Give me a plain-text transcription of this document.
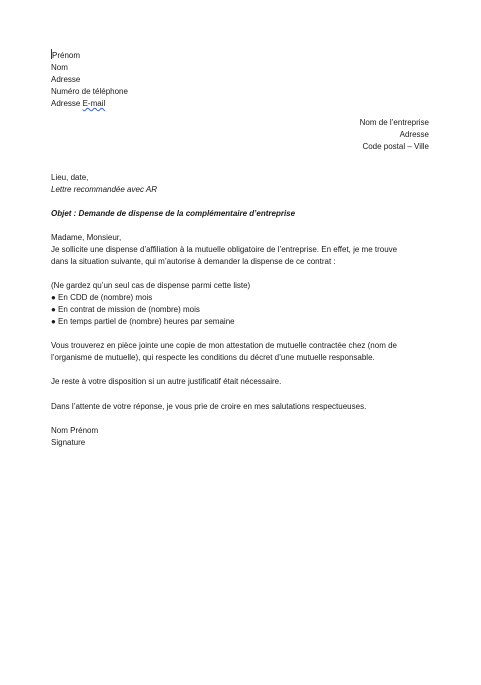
Prénom
Nom
Adresse
Numéro de téléphone
Adresse E-mail
Nom de l’entreprise
Adresse
Code postal – Ville
Lieu, date,
Lettre recommandée avec AR
Objet : Demande de dispense de la complémentaire d’entreprise
Madame, Monsieur,
Je sollicite une dispense d’affiliation à la mutuelle obligatoire de l’entreprise. En effet, je me trouve
dans la situation suivante, qui m’autorise à demander la dispense de ce contrat :
(Ne gardez qu’un seul cas de dispense parmi cette liste)
● En CDD de (nombre) mois
● En contrat de mission de (nombre) mois
● En temps partiel de (nombre) heures par semaine
Vous trouverez en pièce jointe une copie de mon attestation de mutuelle contractée chez (nom de
l’organisme de mutuelle), qui respecte les conditions du décret d’une mutuelle responsable.
Je reste à votre disposition si un autre justificatif était nécessaire.
Dans l’attente de votre réponse, je vous prie de croire en mes salutations respectueuses.
Nom Prénom
Signature
